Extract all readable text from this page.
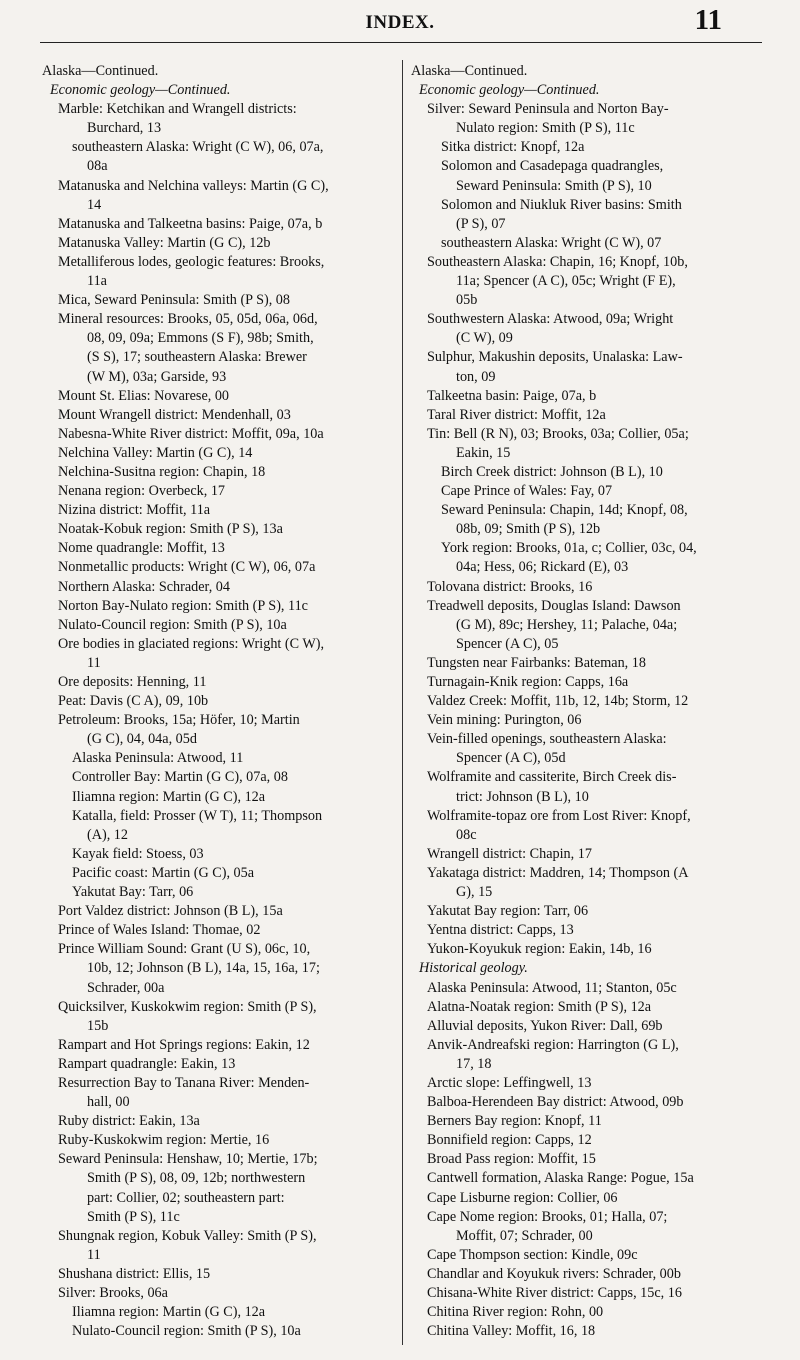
INDEX.	11
Alaska—Continued.
Economic geology—Continued.
Marble: Ketchikan and Wrangell districts:
Burchard, 13
southeastern Alaska: Wright (C W), 06, 07a,
08a
Matanuska and Nelchina valleys: Martin (G C),
14
Matanuska and Talkeetna basins: Paige, 07a, b
Matanuska Valley: Martin (G C), 12b
Metalliferous lodes, geologic features: Brooks,
11a
Mica, Seward Peninsula: Smith (P S), 08
Mineral resources: Brooks, 05, 05d, 06a, 06d,
08, 09, 09a; Emmons (S F), 98b; Smith,
(S S), 17; southeastern Alaska: Brewer
(W M), 03a; Garside, 93
Mount St. Elias: Novarese, 00
Mount Wrangell district: Mendenhall, 03
Nabesna-White River district: Moffit, 09a, 10a
Nelchina Valley: Martin (G C), 14
Nelchina-Susitna region: Chapin, 18
Nenana region: Overbeck, 17
Nizina district: Moffit, 11a
Noatak-Kobuk region: Smith (P S), 13a
Nome quadrangle: Moffit, 13
Nonmetallic products: Wright (C W), 06, 07a
Northern Alaska: Schrader, 04
Norton Bay-Nulato region: Smith (P S), 11c
Nulato-Council region: Smith (P S), 10a
Ore bodies in glaciated regions: Wright (C W),
11
Ore deposits: Henning, 11
Peat: Davis (C A), 09, 10b
Petroleum: Brooks, 15a; Höfer, 10; Martin
(G C), 04, 04a, 05d
Alaska Peninsula: Atwood, 11
Controller Bay: Martin (G C), 07a, 08
Iliamna region: Martin (G C), 12a
Katalla, field: Prosser (W T), 11; Thompson
(A), 12
Kayak field: Stoess, 03
Pacific coast: Martin (G C), 05a
Yakutat Bay: Tarr, 06
Port Valdez district: Johnson (B L), 15a
Prince of Wales Island: Thomae, 02
Prince William Sound: Grant (U S), 06c, 10,
10b, 12; Johnson (B L), 14a, 15, 16a, 17;
Schrader, 00a
Quicksilver, Kuskokwim region: Smith (P S),
15b
Rampart and Hot Springs regions: Eakin, 12
Rampart quadrangle: Eakin, 13
Resurrection Bay to Tanana River: Menden-
hall, 00
Ruby district: Eakin, 13a
Ruby-Kuskokwim region: Mertie, 16
Seward Peninsula: Henshaw, 10; Mertie, 17b;
Smith (P S), 08, 09, 12b; northwestern
part: Collier, 02; southeastern part:
Smith (P S), 11c
Shungnak region, Kobuk Valley: Smith (P S),
11
Shushana district: Ellis, 15
Silver: Brooks, 06a
Iliamna region: Martin (G C), 12a
Nulato-Council region: Smith (P S), 10a
Alaska—Continued.
Economic geology—Continued.
Silver: Seward Peninsula and Norton Bay-
Nulato region: Smith (P S), 11c
Sitka district: Knopf, 12a
Solomon and Casadepaga quadrangles,
Seward Peninsula: Smith (P S), 10
Solomon and Niukluk River basins: Smith
(P S), 07
southeastern Alaska: Wright (C W), 07
Southeastern Alaska: Chapin, 16; Knopf, 10b,
11a; Spencer (A C), 05c; Wright (F E),
05b
Southwestern Alaska: Atwood, 09a; Wright
(C W), 09
Sulphur, Makushin deposits, Unalaska: Law-
ton, 09
Talkeetna basin: Paige, 07a, b
Taral River district: Moffit, 12a
Tin: Bell (R N), 03; Brooks, 03a; Collier, 05a;
Eakin, 15
Birch Creek district: Johnson (B L), 10
Cape Prince of Wales: Fay, 07
Seward Peninsula: Chapin, 14d; Knopf, 08,
08b, 09; Smith (P S), 12b
York region: Brooks, 01a, c; Collier, 03c, 04,
04a; Hess, 06; Rickard (E), 03
Tolovana district: Brooks, 16
Treadwell deposits, Douglas Island: Dawson
(G M), 89c; Hershey, 11; Palache, 04a;
Spencer (A C), 05
Tungsten near Fairbanks: Bateman, 18
Turnagain-Knik region: Capps, 16a
Valdez Creek: Moffit, 11b, 12, 14b; Storm, 12
Vein mining: Purington, 06
Vein-filled openings, southeastern Alaska:
Spencer (A C), 05d
Wolframite and cassiterite, Birch Creek dis-
trict: Johnson (B L), 10
Wolframite-topaz ore from Lost River: Knopf,
08c
Wrangell district: Chapin, 17
Yakataga district: Maddren, 14; Thompson (A
G), 15
Yakutat Bay region: Tarr, 06
Yentna district: Capps, 13
Yukon-Koyukuk region: Eakin, 14b, 16
Historical geology.
Alaska Peninsula: Atwood, 11; Stanton, 05c
Alatna-Noatak region: Smith (P S), 12a
Alluvial deposits, Yukon River: Dall, 69b
Anvik-Andreafski region: Harrington (G L),
17, 18
Arctic slope: Leffingwell, 13
Balboa-Herendeen Bay district: Atwood, 09b
Berners Bay region: Knopf, 11
Bonnifield region: Capps, 12
Broad Pass region: Moffit, 15
Cantwell formation, Alaska Range: Pogue, 15a
Cape Lisburne region: Collier, 06
Cape Nome region: Brooks, 01; Halla, 07;
Moffit, 07; Schrader, 00
Cape Thompson section: Kindle, 09c
Chandlar and Koyukuk rivers: Schrader, 00b
Chisana-White River district: Capps, 15c, 16
Chitina River region: Rohn, 00
Chitina Valley: Moffit, 16, 18
